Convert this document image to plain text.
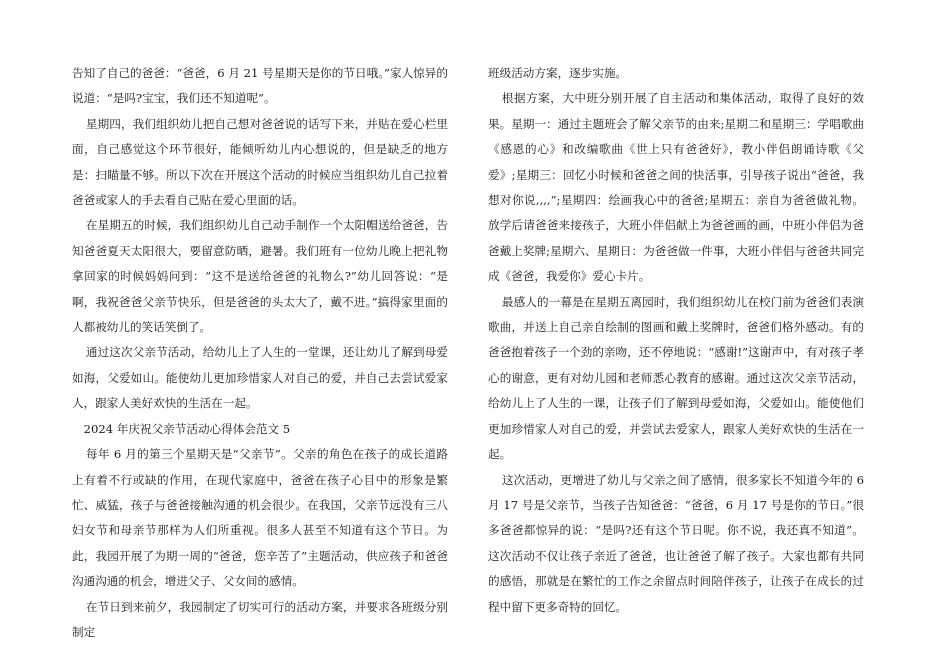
告知了自己的爸爸：“爸爸，6 月 21 号星期天是你的节日哦。”家人惊异的说道：“是吗?宝宝，我们还不知道呢”。

星期四，我们组织幼儿把自己想对爸爸说的话写下来，并贴在爱心栏里面，自己感觉这个环节很好，能倾听幼儿内心想说的，但是缺乏的地方是：扫瞄量不够。所以下次在开展这个活动的时候应当组织幼儿自己拉着爸爸或家人的手去看自己贴在爱心里面的话。

在星期五的时候，我们组织幼儿自己动手制作一个太阳帽送给爸爸，告知爸爸夏天太阳很大，要留意防晒，避暑。我们班有一位幼儿晚上把礼物拿回家的时候妈妈问到：“这不是送给爸爸的礼物么?”幼儿回答说：“是啊，我祝爸爸父亲节快乐，但是爸爸的头太大了，戴不进。”搞得家里面的人都被幼儿的笑话笑倒了。

通过这次父亲节活动，给幼儿上了人生的一堂课，还让幼儿了解到母爱如海，父爱如山。能使幼儿更加珍惜家人对自己的爱，并自己去尝试爱家人，跟家人美好欢快的生活在一起。

2024 年庆祝父亲节活动心得体会范文 5

每年 6 月的第三个星期天是“父亲节”。父亲的角色在孩子的成长道路上有着不行或缺的作用，在现代家庭中，爸爸在孩子心目中的形象是繁忙、威猛，孩子与爸爸接触沟通的机会很少。在我国，父亲节远没有三八妇女节和母亲节那样为人们所重视。很多人甚至不知道有这个节日。为此，我园开展了为期一周的“爸爸，您辛苦了”主题活动，供应孩子和爸爸沟通沟通的机会，增进父子、父女间的感情。

在节日到来前夕，我园制定了切实可行的活动方案，并要求各班级分别制定

班级活动方案，逐步实施。

根据方案，大中班分别开展了自主活动和集体活动，取得了良好的效果。星期一：通过主题班会了解父亲节的由来;星期二和星期三：学唱歌曲《感恩的心》和改编歌曲《世上只有爸爸好》，教小伴侣朗诵诗歌《父爱》;星期三：回忆小时候和爸爸之间的快活事，引导孩子说出“爸爸，我想对你说,,,,”;星期四：绘画我心中的爸爸;星期五：亲自为爸爸做礼物。放学后请爸爸来接孩子，大班小伴侣献上为爸爸画的画，中班小伴侣为爸爸戴上奖牌;星期六、星期日：为爸爸做一件事，大班小伴侣与爸爸共同完成《爸爸，我爱你》爱心卡片。

最感人的一幕是在星期五离园时，我们组织幼儿在校门前为爸爸们表演歌曲，并送上自己亲自绘制的图画和戴上奖牌时，爸爸们格外感动。有的爸爸抱着孩子一个劲的亲吻，还不停地说：“感谢!”这谢声中，有对孩子孝心的谢意，更有对幼儿园和老师悉心教育的感谢。通过这次父亲节活动，给幼儿上了人生的一课，让孩子们了解到母爱如海，父爱如山。能使他们更加珍惜家人对自己的爱，并尝试去爱家人，跟家人美好欢快的生活在一起。

这次活动，更增进了幼儿与父亲之间了感情，很多家长不知道今年的 6 月 17 号是父亲节，当孩子告知爸爸：“爸爸，6 月 17 号是你的节日。”很多爸爸都惊异的说：“是吗?还有这个节日呢。你不说，我还真不知道”。这次活动不仅让孩子亲近了爸爸，也让爸爸了解了孩子。大家也都有共同的感悟，那就是在繁忙的工作之余留点时间陪伴孩子，让孩子在成长的过程中留下更多奇特的回忆。
